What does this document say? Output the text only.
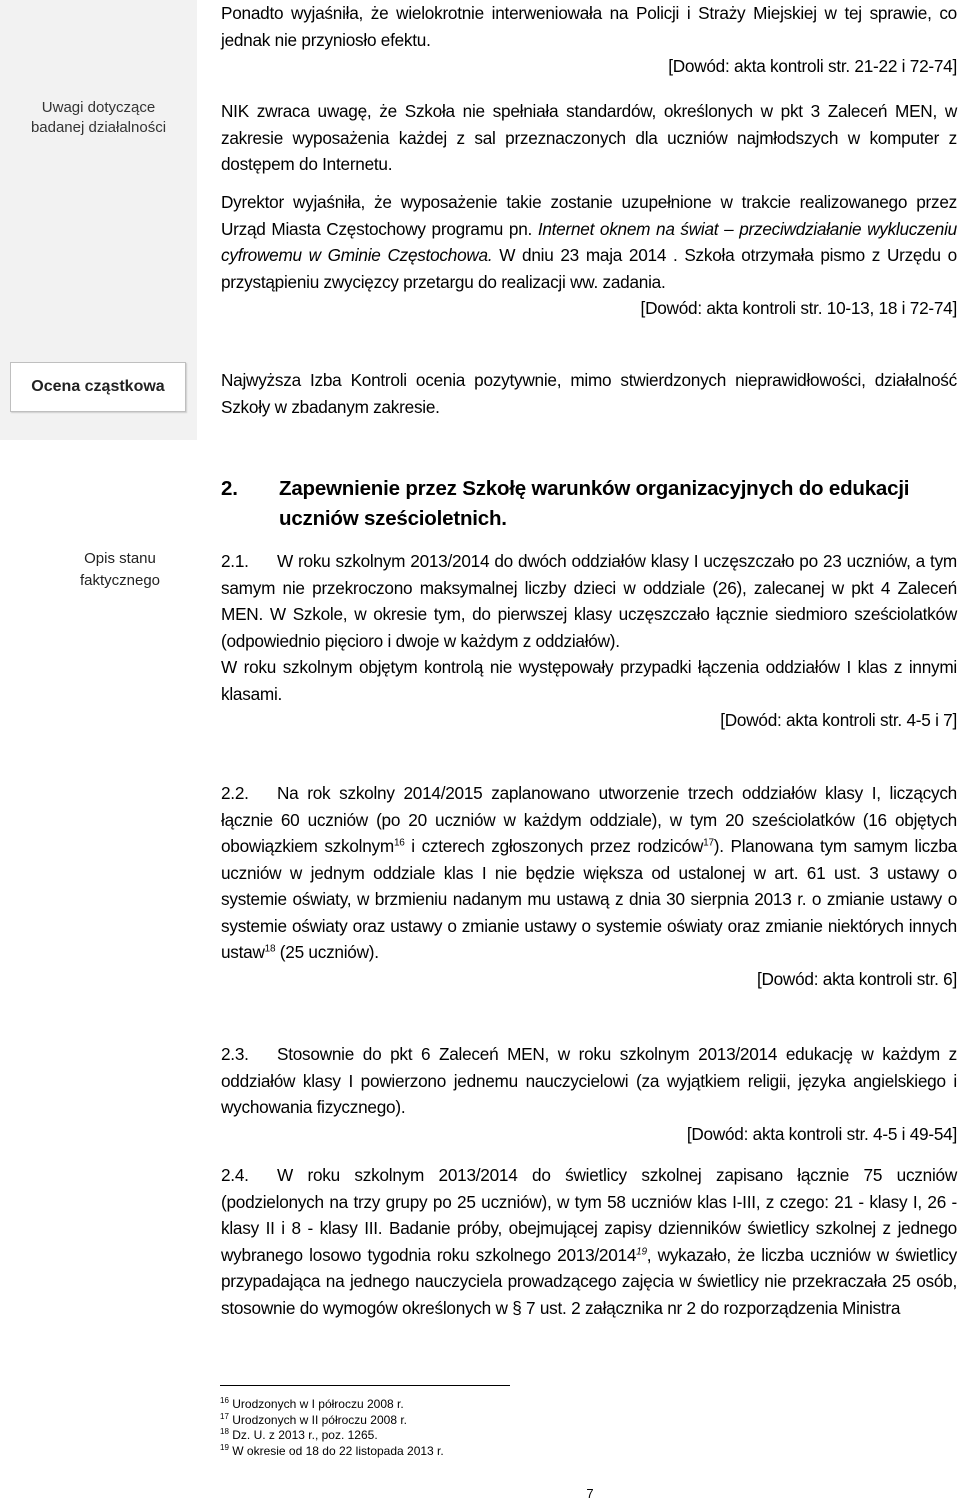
Uwagi dotyczące
badanej działalności
Ocena cząstkowa
Opis stanu
faktycznego

Ponadto wyjaśniła, że wielokrotnie interweniowała na Policji i Straży Miejskiej w tej sprawie, co jednak nie przyniosło efektu.

[Dowód: akta kontroli str. 21-22 i 72-74]

NIK zwraca uwagę, że Szkoła nie spełniała standardów, określonych w pkt 3 Zaleceń MEN, w zakresie wyposażenia każdej z sal przeznaczonych dla uczniów najmłodszych w komputer z dostępem do Internetu.

Dyrektor wyjaśniła, że wyposażenie takie zostanie uzupełnione w trakcie realizowanego przez Urząd Miasta Częstochowy programu pn. Internet oknem na świat – przeciwdziałanie wykluczeniu cyfrowemu w Gminie Częstochowa. W dniu 23 maja 2014 . Szkoła otrzymała pismo z Urzędu o przystąpieniu zwycięzcy przetargu do realizacji ww. zadania.

[Dowód: akta kontroli str. 10-13, 18 i 72-74]

Najwyższa Izba Kontroli ocenia pozytywnie, mimo stwierdzonych nieprawidłowości, działalność Szkoły w zbadanym zakresie.

2. Zapewnienie przez Szkołę warunków organizacyjnych do edukacji uczniów sześcioletnich.

2.1. W roku szkolnym 2013/2014 do dwóch oddziałów klasy I uczęszczało po 23 uczniów, a tym samym nie przekroczono maksymalnej liczby dzieci w oddziale (26), zalecanej w pkt 4 Zaleceń MEN. W Szkole, w okresie tym, do pierwszej klasy uczęszczało łącznie siedmioro sześciolatków (odpowiednio pięcioro i dwoje w każdym z oddziałów).

W roku szkolnym objętym kontrolą nie występowały przypadki łączenia oddziałów I klas z innymi klasami.

[Dowód: akta kontroli str. 4-5 i 7]

2.2. Na rok szkolny 2014/2015 zaplanowano utworzenie trzech oddziałów klasy I, liczących łącznie 60 uczniów (po 20 uczniów w każdym oddziale), w tym 20 sześciolatków (16 objętych obowiązkiem szkolnym$^{16}$ i czterech zgłoszonych przez rodziców$^{17}$). Planowana tym samym liczba uczniów w jednym oddziale klas I nie będzie większa od ustalonej w art. 61 ust. 3 ustawy o systemie oświaty, w brzmieniu nadanym mu ustawą z dnia 30 sierpnia 2013 r. o zmianie ustawy o systemie oświaty oraz ustawy o zmianie ustawy o systemie oświaty oraz zmianie niektórych innych ustaw$^{18}$ (25 uczniów).

[Dowód: akta kontroli str. 6]

2.3. Stosownie do pkt 6 Zaleceń MEN, w roku szkolnym 2013/2014 edukację w każdym z oddziałów klasy I powierzono jednemu nauczycielowi (za wyjątkiem religii, języka angielskiego i wychowania fizycznego).

[Dowód: akta kontroli str. 4-5 i 49-54]

2.4. W roku szkolnym 2013/2014 do świetlicy szkolnej zapisano łącznie 75 uczniów (podzielonych na trzy grupy po 25 uczniów), w tym 58 uczniów klas I-III, z czego: 21 - klasy I, 26 - klasy II i 8 - klasy III. Badanie próby, obejmującej zapisy dzienników świetlicy szkolnej z jednego wybranego losowo tygodnia roku szkolnego 2013/2014$^{19}$, wykazało, że liczba uczniów w świetlicy przypadająca na jednego nauczyciela prowadzącego zajęcia w świetlicy nie przekraczała 25 osób, stosownie do wymogów określonych w § 7 ust. 2 załącznika nr 2 do rozporządzenia Ministra

$^{16}$ Urodzonych w I półroczu 2008 r.
$^{17}$ Urodzonych w II półroczu 2008 r.
$^{18}$ Dz. U. z 2013 r., poz. 1265.
$^{19}$ W okresie od 18 do 22 listopada 2013 r.
7
